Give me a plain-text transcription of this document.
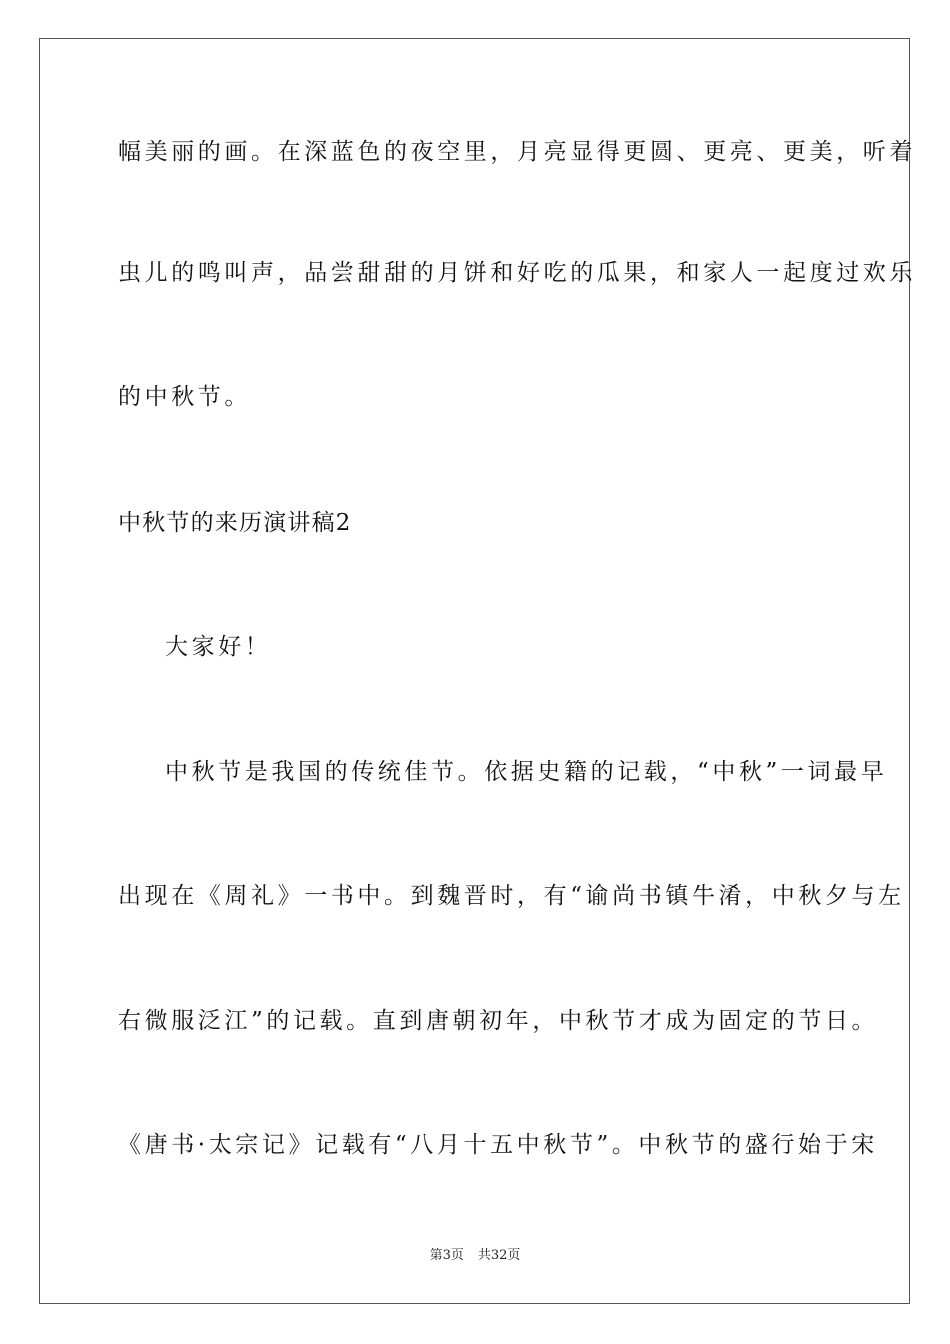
幅美丽的画。在深蓝色的夜空里，月亮显得更圆、更亮、更美，听着
虫儿的鸣叫声，品尝甜甜的月饼和好吃的瓜果，和家人一起度过欢乐
的中秋节。
中秋节的来历演讲稿2
大家好！
中秋节是我国的传统佳节。依据史籍的记载，“中秋”一词最早
出现在《周礼》一书中。到魏晋时，有“谕尚书镇牛淆，中秋夕与左
右微服泛江”的记载。直到唐朝初年，中秋节才成为固定的节日。
《唐书·太宗记》记载有“八月十五中秋节”。中秋节的盛行始于宋
第3页 共32页
